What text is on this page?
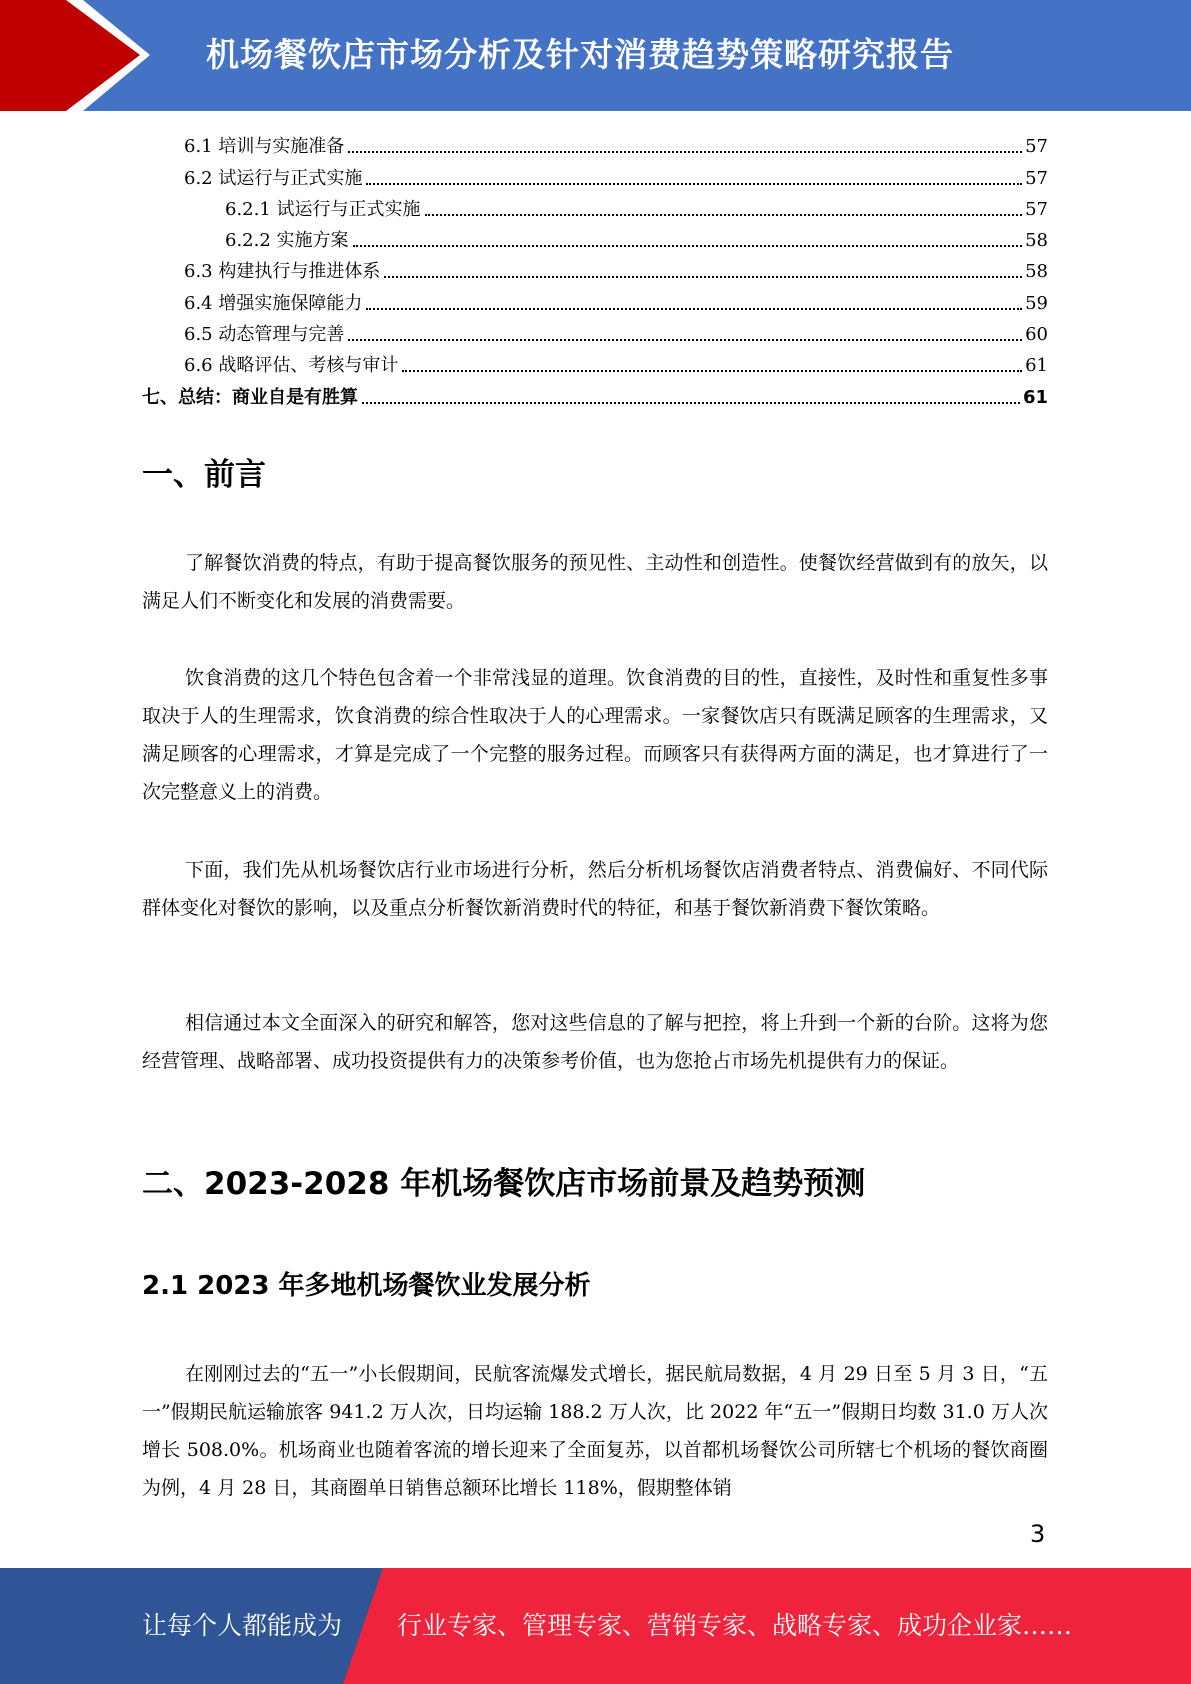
机场餐饮店市场分析及针对消费趋势策略研究报告
6.1 培训与实施准备	57
6.2 试运行与正式实施	57
6.2.1 试运行与正式实施	57
6.2.2 实施方案	58
6.3 构建执行与推进体系	58
6.4 增强实施保障能力	59
6.5 动态管理与完善	60
6.6 战略评估、考核与审计	61
七、总结：商业自是有胜算	61
一、前言
了解餐饮消费的特点，有助于提高餐饮服务的预见性、主动性和创造性。使餐饮经营做到有的放矢，以满足人们不断变化和发展的消费需要。
饮食消费的这几个特色包含着一个非常浅显的道理。饮食消费的目的性，直接性，及时性和重复性多事取决于人的生理需求，饮食消费的综合性取决于人的心理需求。一家餐饮店只有既满足顾客的生理需求，又满足顾客的心理需求，才算是完成了一个完整的服务过程。而顾客只有获得两方面的满足，也才算进行了一次完整意义上的消费。
下面，我们先从机场餐饮店行业市场进行分析，然后分析机场餐饮店消费者特点、消费偏好、不同代际群体变化对餐饮的影响，以及重点分析餐饮新消费时代的特征，和基于餐饮新消费下餐饮策略。
相信通过本文全面深入的研究和解答，您对这些信息的了解与把控，将上升到一个新的台阶。这将为您经营管理、战略部署、成功投资提供有力的决策参考价值，也为您抢占市场先机提供有力的保证。
二、2023-2028 年机场餐饮店市场前景及趋势预测
2.1 2023 年多地机场餐饮业发展分析
在刚刚过去的“五一”小长假期间，民航客流爆发式增长，据民航局数据，4 月 29 日至 5 月 3 日，“五一”假期民航运输旅客 941.2 万人次，日均运输 188.2 万人次，比 2022 年“五一”假期日均数 31.0 万人次增长 508.0%。机场商业也随着客流的增长迎来了全面复苏，以首都机场餐饮公司所辖七个机场的餐饮商圈为例，4 月 28 日，其商圈单日销售总额环比增长 118%，假期整体销
3
让每个人都能成为 行业专家、管理专家、营销专家、战略专家、成功企业家……
